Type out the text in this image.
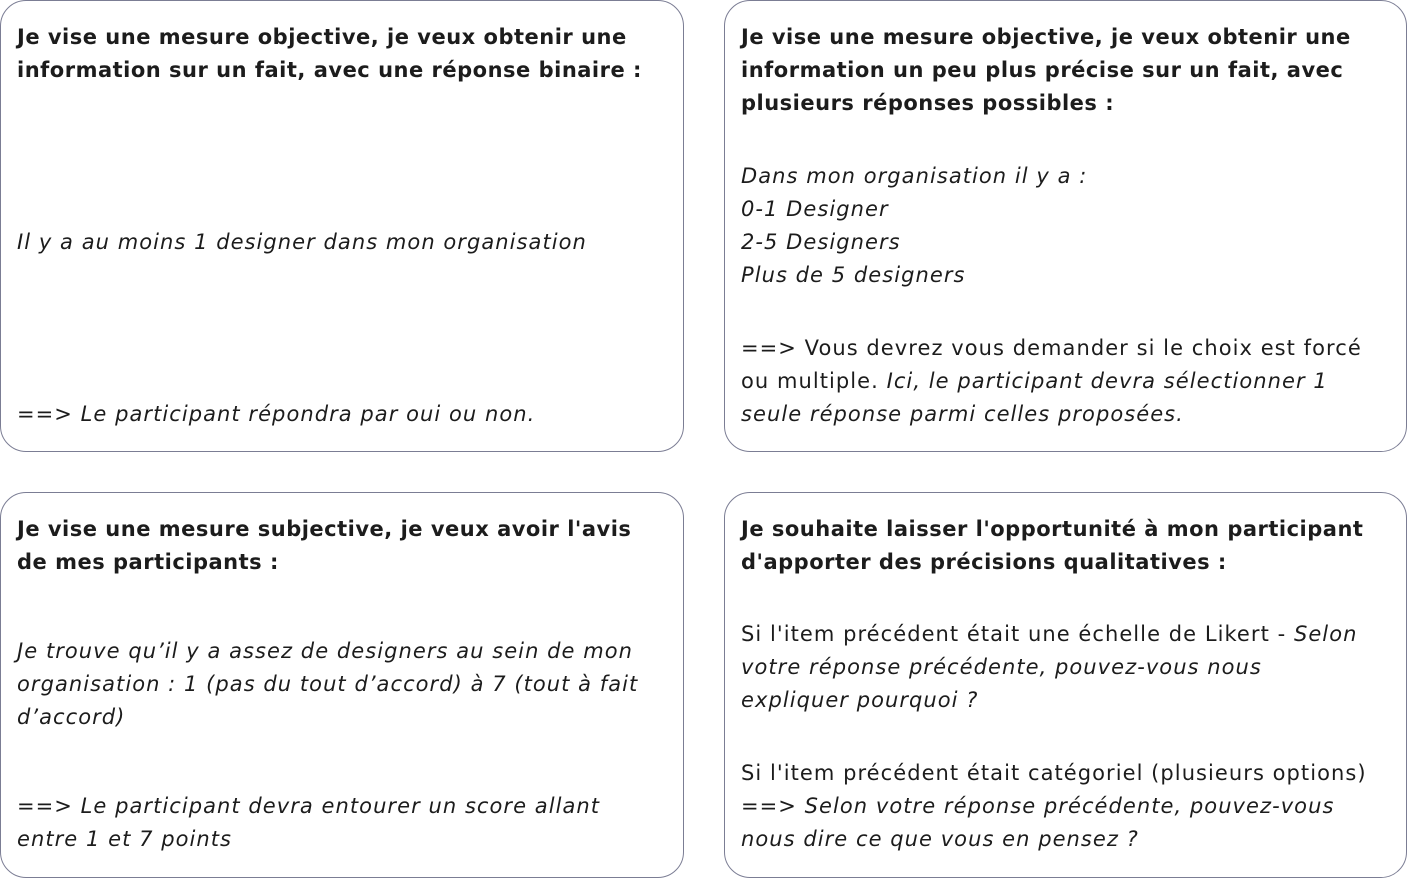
Je vise une mesure objective, je veux obtenir une
information sur un fait, avec une réponse binaire :

Il y a au moins 1 designer dans mon organisation

==> Le participant répondra par oui ou non.

Je vise une mesure objective, je veux obtenir une
information un peu plus précise sur un fait, avec
plusieurs réponses possibles :

Dans mon organisation il y a :
0-1 Designer
2-5 Designers
Plus de 5 designers
==> Vous devrez vous demander si le choix est forcé
ou multiple. Ici, le participant devra sélectionner 1
seule réponse parmi celles proposées.

Je vise une mesure subjective, je veux avoir l'avis
de mes participants :

Je trouve qu’il y a assez de designers au sein de mon
organisation : 1 (pas du tout d’accord) à 7 (tout à fait
d’accord)
==> Le participant devra entourer un score allant
entre 1 et 7 points

Je souhaite laisser l'opportunité à mon participant
d'apporter des précisions qualitatives :

Si l'item précédent était une échelle de Likert - Selon
votre réponse précédente, pouvez-vous nous
expliquer pourquoi ?
Si l'item précédent était catégoriel (plusieurs options)
==> Selon votre réponse précédente, pouvez-vous
nous dire ce que vous en pensez ?
